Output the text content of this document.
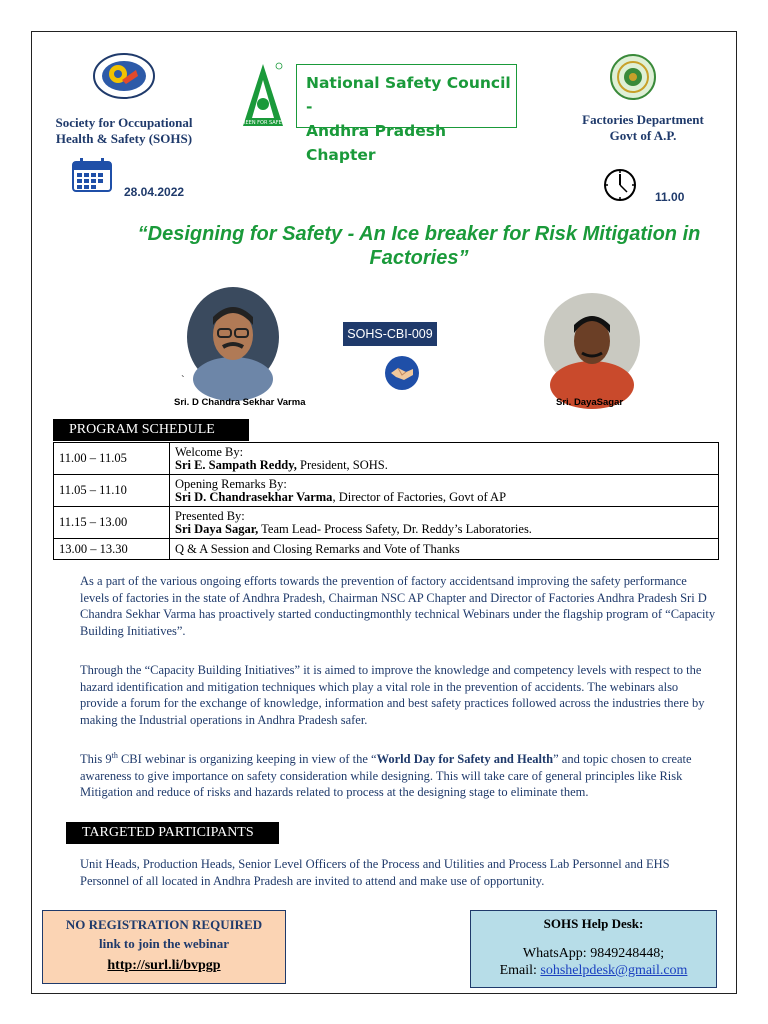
Society for Occupational Health & Safety (SOHS)
GREEN FOR SAFETY
National Safety Council -
Andhra Pradesh Chapter
Factories Department
Govt of A.P.
28.04.2022	11.00
“Designing for Safety - An Ice breaker for Risk Mitigation in Factories”
`
SOHS-CBI-009
Sri. D Chandra Sekhar Varma	Sri. DayaSagar
PROGRAM SCHEDULE
11.00 – 11.05	Welcome By:
Sri E. Sampath Reddy, President, SOHS.

11.05 – 11.10	Opening Remarks By:
Sri D. Chandrasekhar Varma, Director of Factories, Govt of AP

11.15 – 13.00	Presented By:
Sri Daya Sagar, Team Lead- Process Safety, Dr. Reddy’s Laboratories.

13.00 – 13.30	Q & A Session and Closing Remarks and Vote of Thanks

As a part of the various ongoing efforts towards the prevention of factory accidentsand improving the safety performance levels of factories in the state of Andhra Pradesh, Chairman NSC AP Chapter and Director of Factories Andhra Pradesh Sri D Chandra Sekhar Varma has proactively started conductingmonthly technical Webinars under the flagship program of “Capacity Building Initiatives”.

Through the “Capacity Building Initiatives” it is aimed to improve the knowledge and competency levels with respect to the hazard identification and mitigation techniques which play a vital role in the prevention of accidents. The webinars also provide a forum for the exchange of knowledge, information and best safety practices followed across the industries there by making the Industrial operations in Andhra Pradesh safer.

This 9th CBI webinar is organizing keeping in view of the “World Day for Safety and Health” and topic chosen to create awareness to give importance on safety consideration while designing. This will take care of general principles like Risk Mitigation and reduce of risks and hazards related to process at the designing stage to eliminate them.

TARGETED PARTICIPANTS

Unit Heads, Production Heads, Senior Level Officers of the Process and Utilities and Process Lab Personnel and EHS Personnel of all located in Andhra Pradesh are invited to attend and make use of opportunity.

NO REGISTRATION REQUIRED
link to join the webinar
http://surl.li/bvpgp
SOHS Help Desk:
WhatsApp: 9849248448;
Email: sohshelpdesk@gmail.com
